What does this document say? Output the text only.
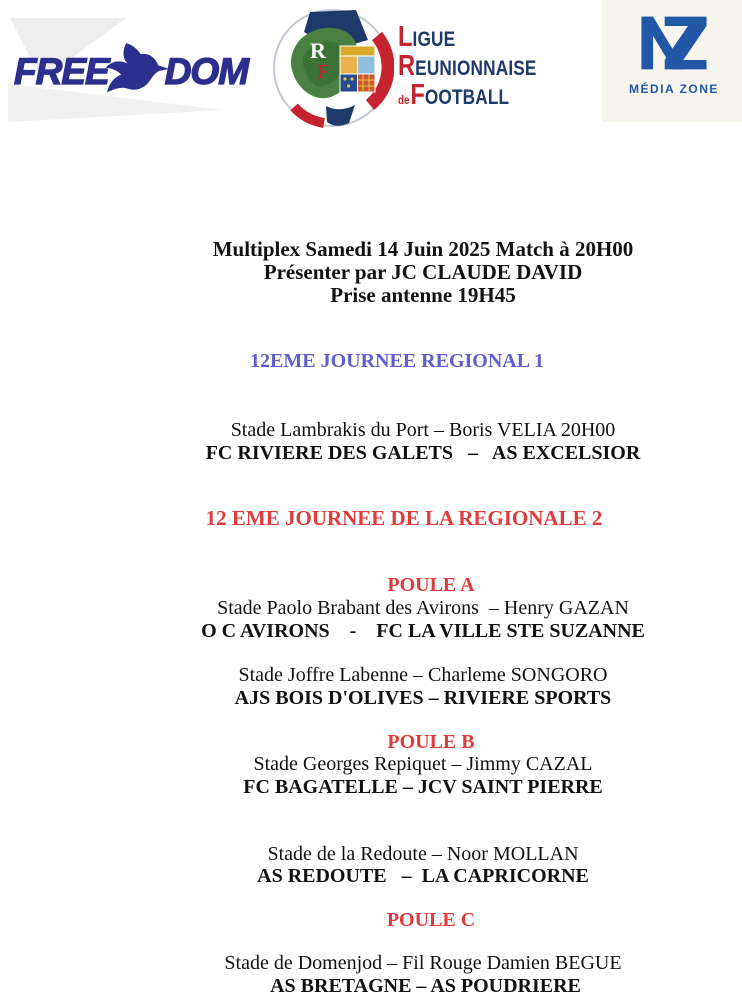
FREE DOM
R
F
L IGUE
R EUNIONNAISE
de F OOTBALL	MÉDIA ZONE
Multiplex Samedi 14 Juin 2025 Match à 20H00
Présenter par JC CLAUDE DAVID
Prise antenne 19H45
12EME JOURNEE REGIONAL 1
Stade Lambrakis du Port – Boris VELIA 20H00
FC RIVIERE DES GALETS   –   AS EXCELSIOR
12 EME JOURNEE DE LA REGIONALE 2
POULE A
Stade Paolo Brabant des Avirons  – Henry GAZAN
O C AVIRONS    -    FC LA VILLE STE SUZANNE
Stade Joffre Labenne – Charleme SONGORO
AJS BOIS D'OLIVES – RIVIERE SPORTS
POULE B
Stade Georges Repiquet – Jimmy CAZAL
FC BAGATELLE – JCV SAINT PIERRE
Stade de la Redoute – Noor MOLLAN
AS REDOUTE   –  LA CAPRICORNE
POULE C
Stade de Domenjod – Fil Rouge Damien BEGUE
AS BRETAGNE – AS POUDRIERE
